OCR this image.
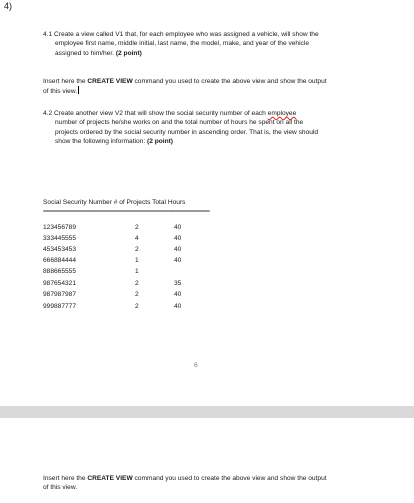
4)
4.1 Create a view called V1 that, for each employee who was assigned a vehicle, will show the
employee first name, middle initial, last name, the model, make, and year of the vehicle
assigned to him/her. (2 point)
Insert here the CREATE VIEW command you used to create the above view and show the output
of this view.
4.2 Create another view V2 that will show the social security number of each employee
number of projects he/she works on and the total number of hours he spent on all the
projects ordered by the social security number in ascending order. That is, the view should
show the following information: (2 point)
Social Security Number # of Projects Total Hours
=====================================================================
123456789	2	40
333445555	4	40
453453453	2	40
666884444	1	40
888665555	1
987654321	2	35
987987987	2	40
999887777	2	40
6
Insert here the CREATE VIEW command you used to create the above view and show the output
of this view.
